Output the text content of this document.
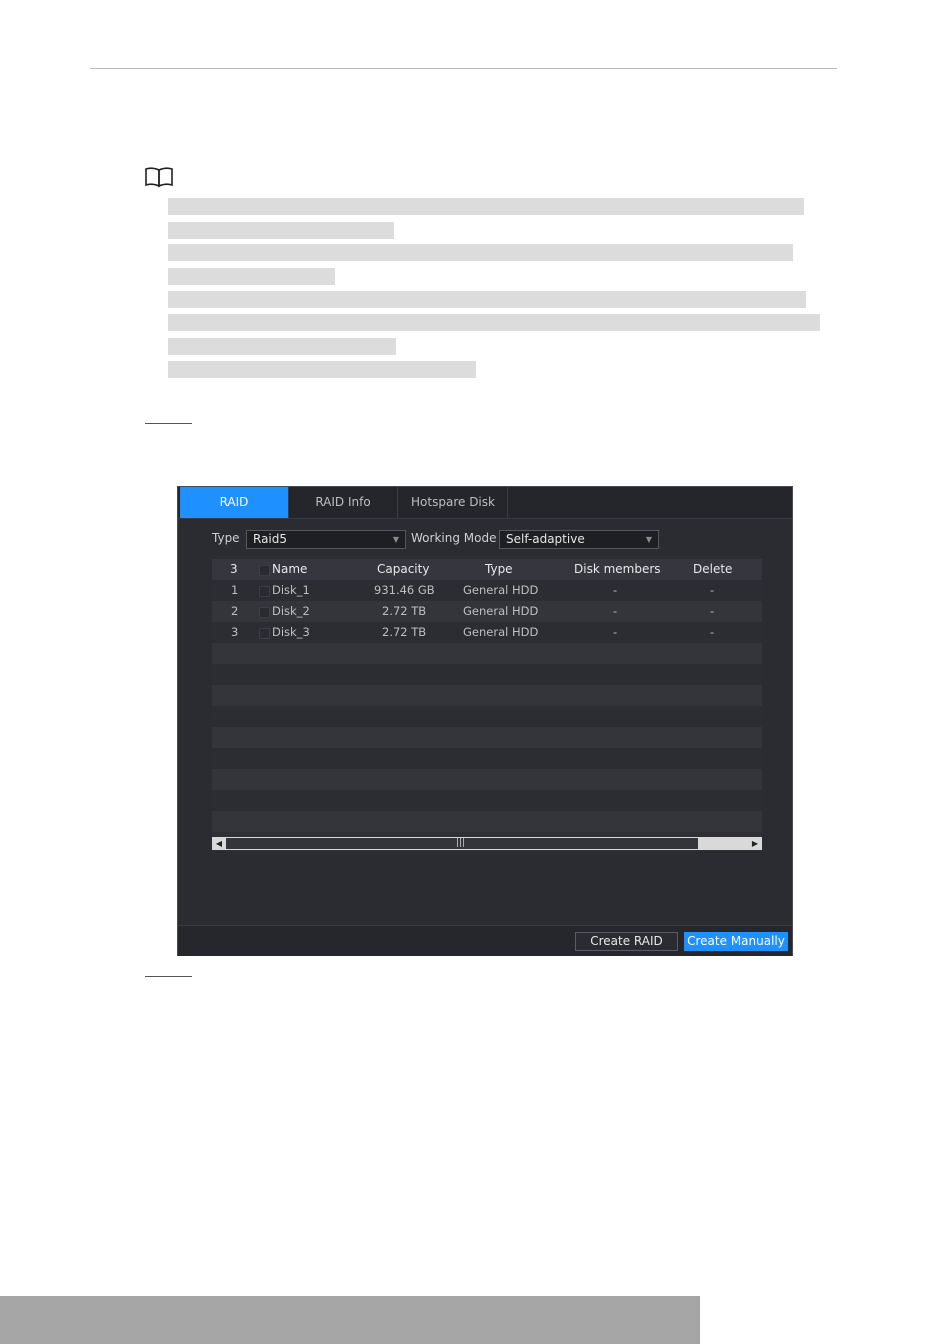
RAID	RAID Info	Hotspare Disk
Type	Raid5	▼ Working Mode Self-adaptive	▼
3	Name	Capacity	Type	Disk members	Delete
1	Disk_1	931.46 GB General HDD	-	-
2	Disk_2	2.72 TB	General HDD	-	-
3	Disk_3	2.72 TB	General HDD	-	-
◀	|||	▶
Create RAID	Create Manually
